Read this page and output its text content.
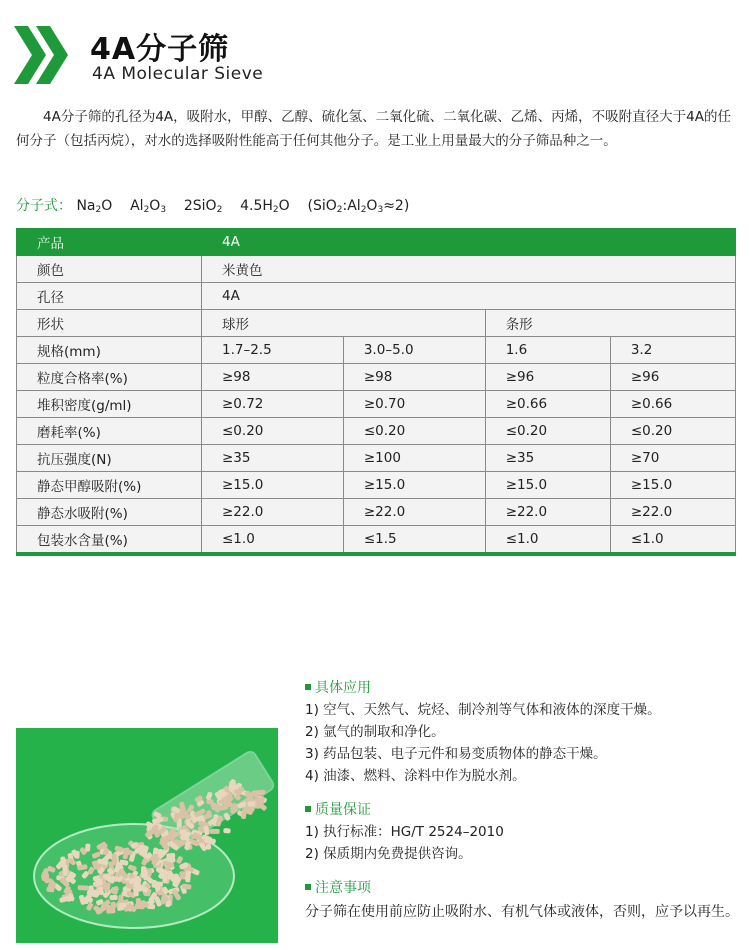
4A分子筛
4A Molecular Sieve
4A分子筛的孔径为4A，吸附水，甲醇、乙醇、硫化氢、二氧化硫、二氧化碳、乙烯、丙烯，不吸附直径大于4A的任何分子（包括丙烷），对水的选择吸附性能高于任何其他分子。是工业上用量最大的分子筛品种之一。
分子式： $Na_2O$ $Al_2O_3$ 2SiO$_2$ $4.5H_2O$ $(SiO_2:Al_2O_3\approx 2)$
产品	4A			
颜色	米黄色			
孔径	4A			
形状	球形		条形	
规格(mm)	1.7–2.5	3.0–5.0	1.6	3.2
粒度合格率(%)	≥98	≥98	≥96	≥96
堆积密度(g/ml)	≥0.72	≥0.70	≥0.66	≥0.66
磨耗率(%)	≤0.20	≤0.20	≤0.20	≤0.20
抗压强度(N)	≥35	≥100	≥35	≥70
静态甲醇吸附(%)	≥15.0	≥15.0	≥15.0	≥15.0
静态水吸附(%)	≥22.0	≥22.0	≥22.0	≥22.0
包装水含量(%)	≤1.0	≤1.5	≤1.0	≤1.0
具体应用
1) 空气、天然气、烷烃、制冷剂等气体和液体的深度干燥。
2) 氩气的制取和净化。
3) 药品包装、电子元件和易变质物体的静态干燥。
4) 油漆、燃料、涂料中作为脱水剂。
质量保证
1) 执行标准：HG/T 2524–2010
2) 保质期内免费提供咨询。
注意事项
分子筛在使用前应防止吸附水、有机气体或液体，否则，应予以再生。
